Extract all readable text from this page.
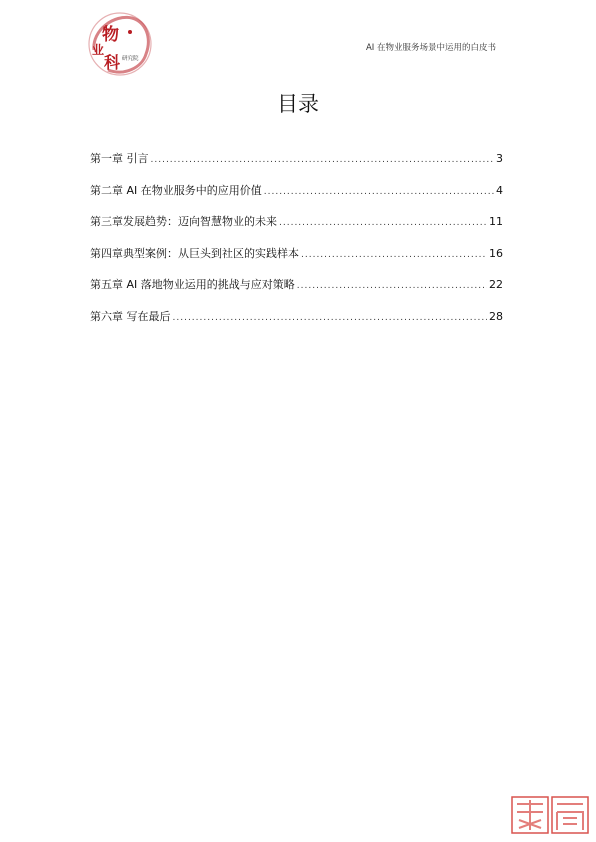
物
业
科 研究院
AI 在物业服务场景中运用的白皮书
目录
第一章 引言 .....	3
第二章 AI 在物业服务中的应用价值 .....	4
第三章发展趋势：迈向智慧物业的未来 .....	11
第四章典型案例：从巨头到社区的实践样本 .....	16
第五章 AI 落地物业运用的挑战与应对策略 .....	22
第六章 写在最后 .....	28
